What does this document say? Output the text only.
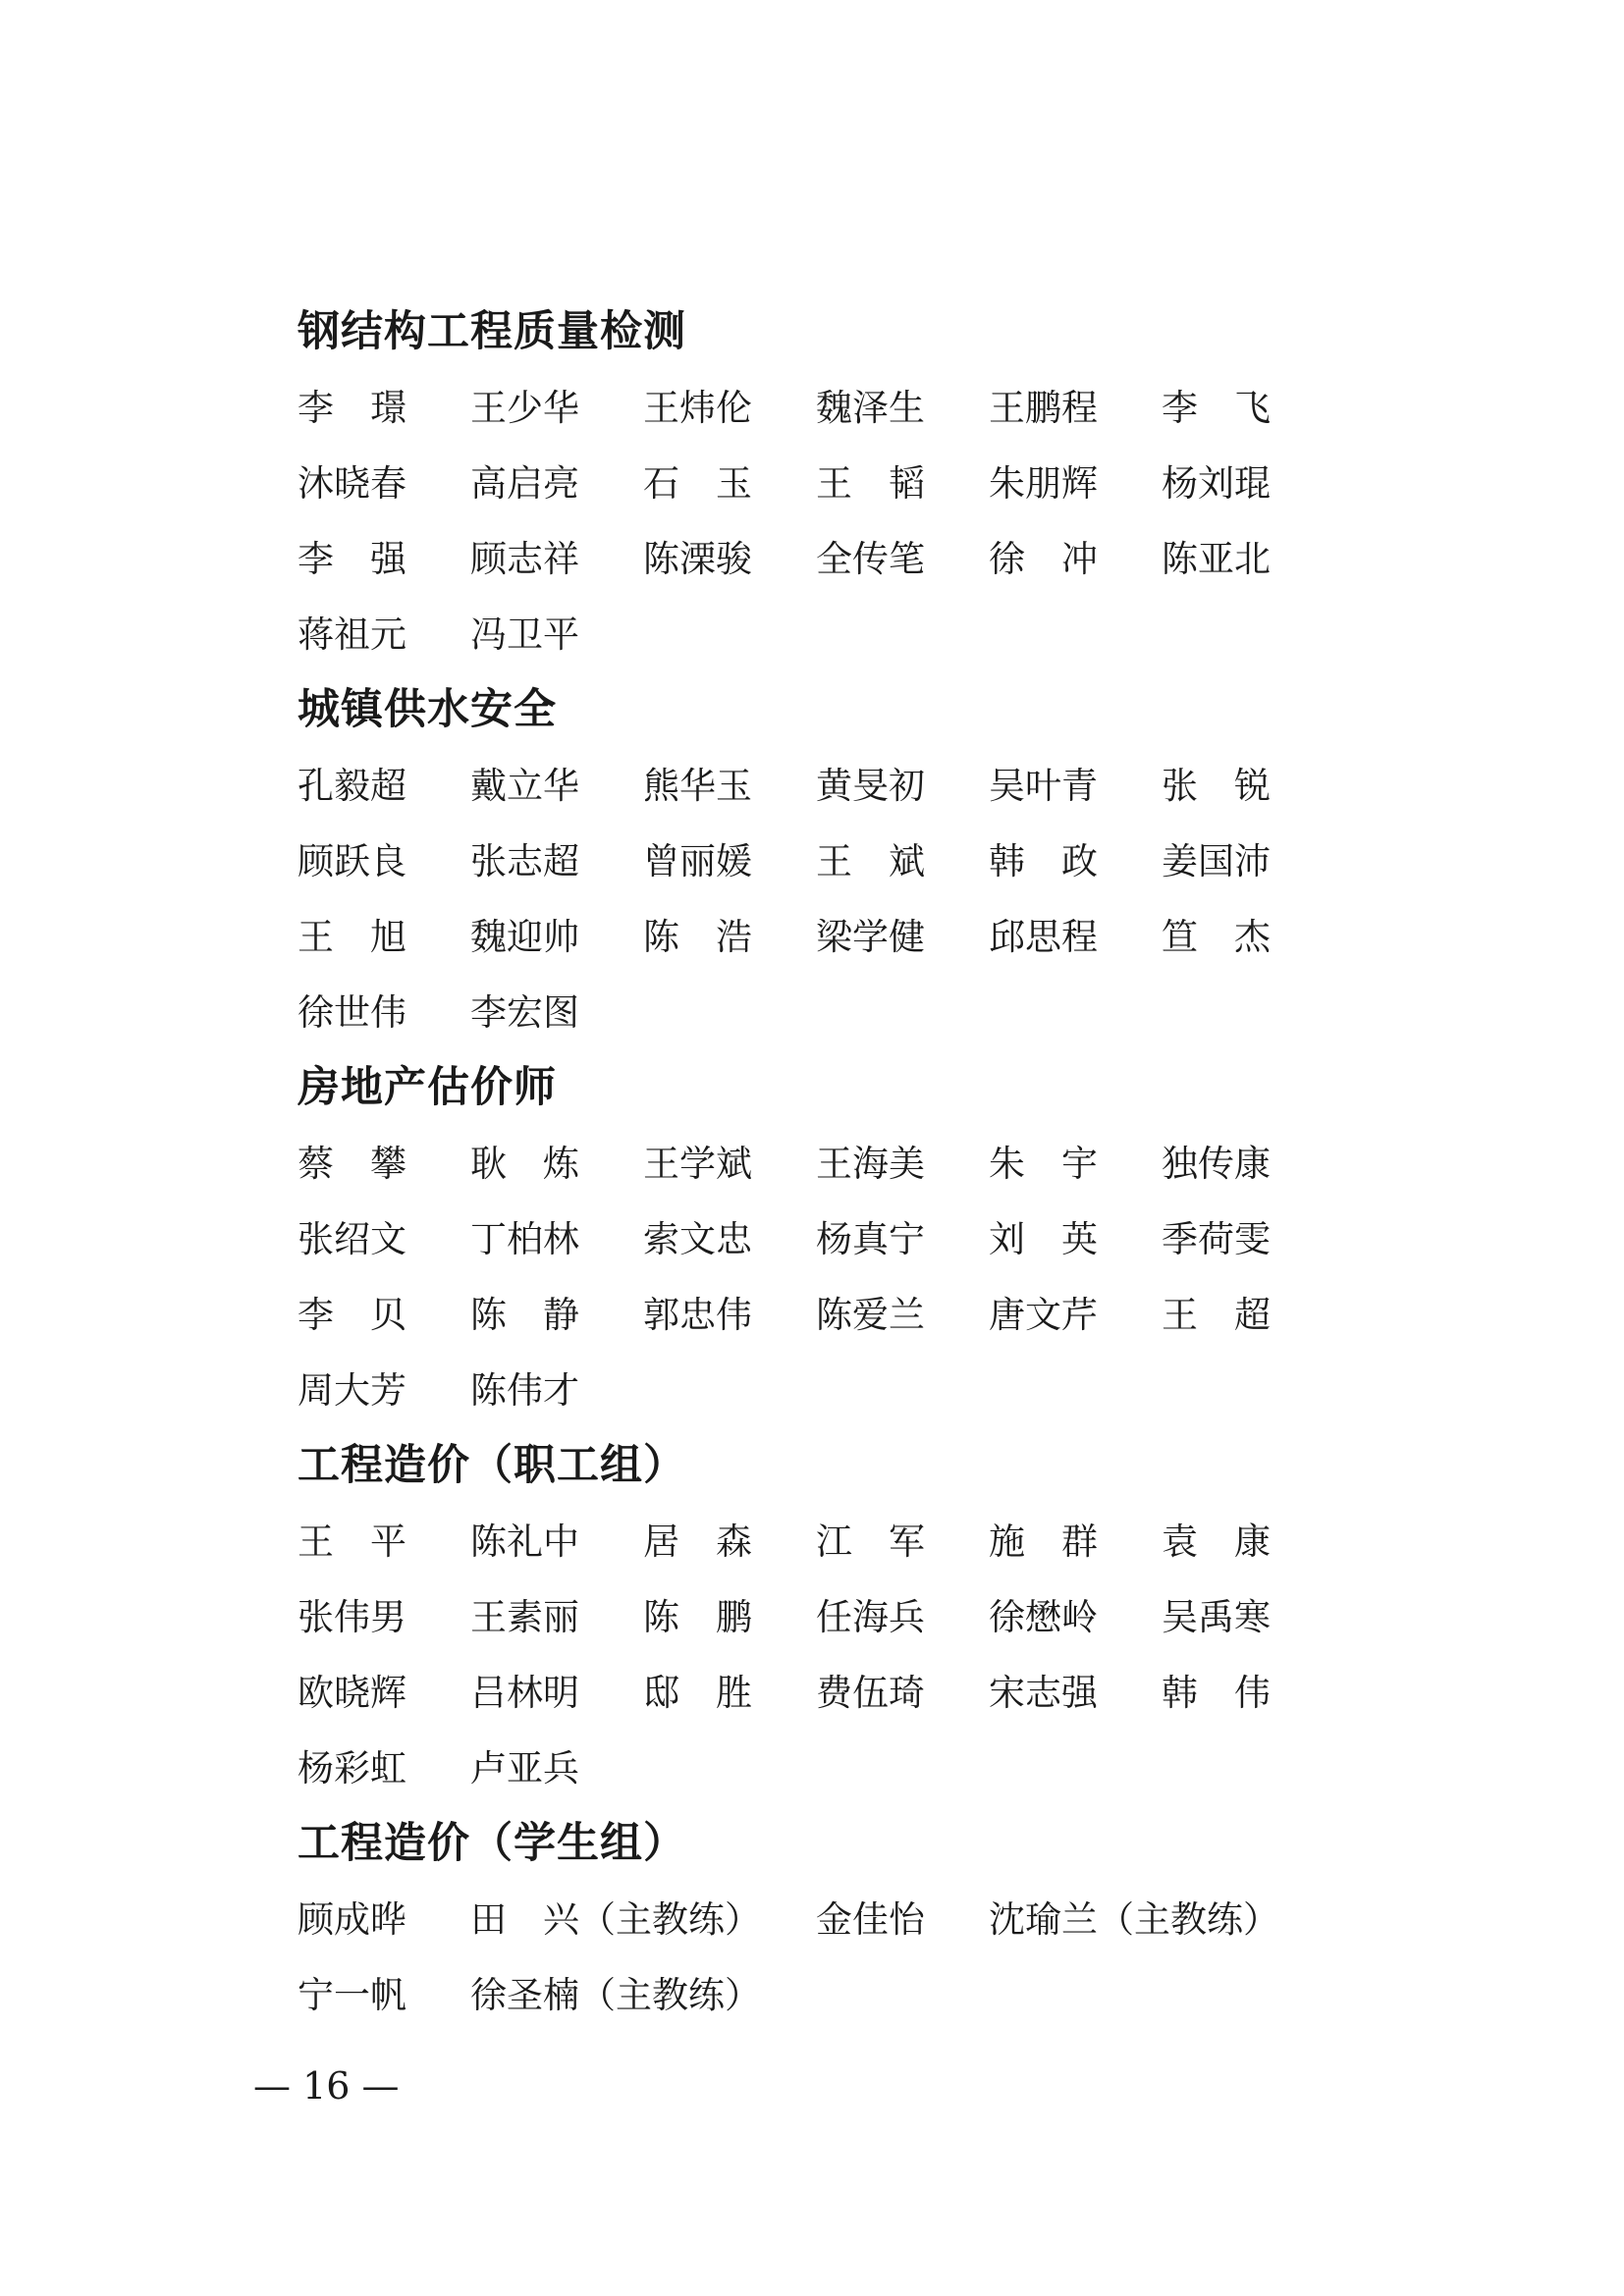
钢结构工程质量检测
李　璟 王少华 王炜伦 魏泽生 王鹏程 李　飞
沐晓春 高启亮 石　玉 王　韬 朱朋辉 杨刘琨
李　强 顾志祥 陈溧骏 全传笔 徐　冲 陈亚北
蒋祖元 冯卫平
城镇供水安全
孔毅超 戴立华 熊华玉 黄旻初 吴叶青 张　锐
顾跃良 张志超 曾丽媛 王　斌 韩　政 姜国沛
王　旭 魏迎帅 陈　浩 梁学健 邱思程 笪　杰
徐世伟 李宏图
房地产估价师
蔡　攀 耿　炼 王学斌 王海美 朱　宇 独传康
张绍文 丁柏林 索文忠 杨真宁 刘　英 季荷雯
李　贝 陈　静 郭忠伟 陈爱兰 唐文芹 王　超
周大芳 陈伟才
工程造价（职工组）
王　平 陈礼中 居　森 江　军 施　群 袁　康
张伟男 王素丽 陈　鹏 任海兵 徐懋岭 吴禹寒
欧晓辉 吕林明 邸　胜 费伍琦 宋志强 韩　伟
杨彩虹 卢亚兵
工程造价（学生组）
顾成晔 田　兴（主教练） 金佳怡 沈瑜兰（主教练）
宁一帆 徐圣楠（主教练）
— 16 —
